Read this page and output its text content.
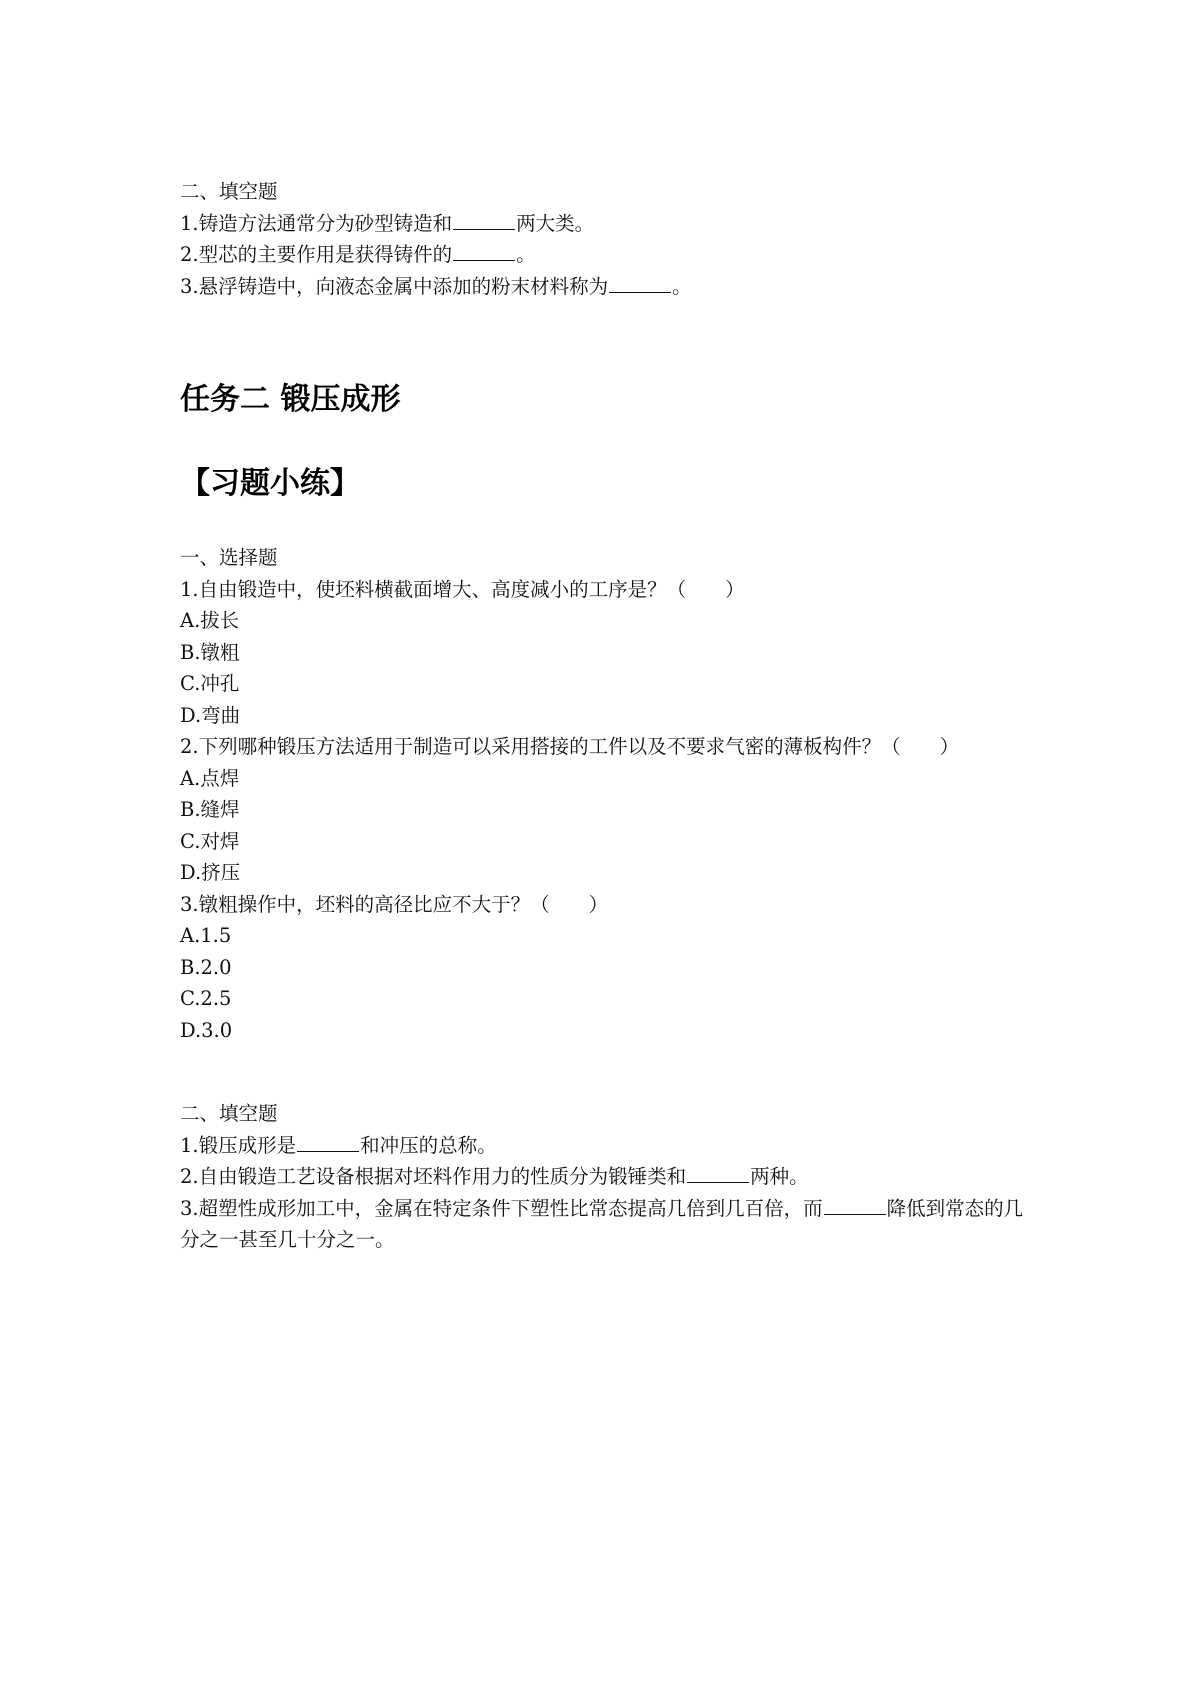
二、填空题
1.铸造方法通常分为砂型铸造和	两大类。
2.型芯的主要作用是获得铸件的	。
3.悬浮铸造中，向液态金属中添加的粉末材料称为	。
任务二 锻压成形
【习题小练】
一、选择题
1.自由锻造中，使坯料横截面增大、高度减小的工序是？（　　）
A.拔长
B.镦粗
C.冲孔
D.弯曲
2.下列哪种锻压方法适用于制造可以采用搭接的工件以及不要求气密的薄板构件？（　　）
A.点焊
B.缝焊
C.对焊
D.挤压
3.镦粗操作中，坯料的高径比应不大于？（　　）
A.1.5
B.2.0
C.2.5
D.3.0
二、填空题
1.锻压成形是	和冲压的总称。
2.自由锻造工艺设备根据对坯料作用力的性质分为锻锤类和	两种。
3.超塑性成形加工中，金属在特定条件下塑性比常态提高几倍到几百倍，而	降低到常态的几分之一甚至几十分之一。
